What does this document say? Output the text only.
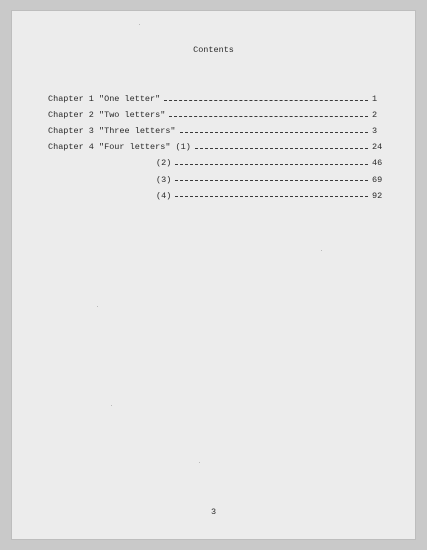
Contents
Chapter 1 "One letter"	1
Chapter 2 "Two letters"	2
Chapter 3 "Three letters"	3
Chapter 4 "Four letters" (1)	24
(2)	46
(3)	69
(4)	92
3
